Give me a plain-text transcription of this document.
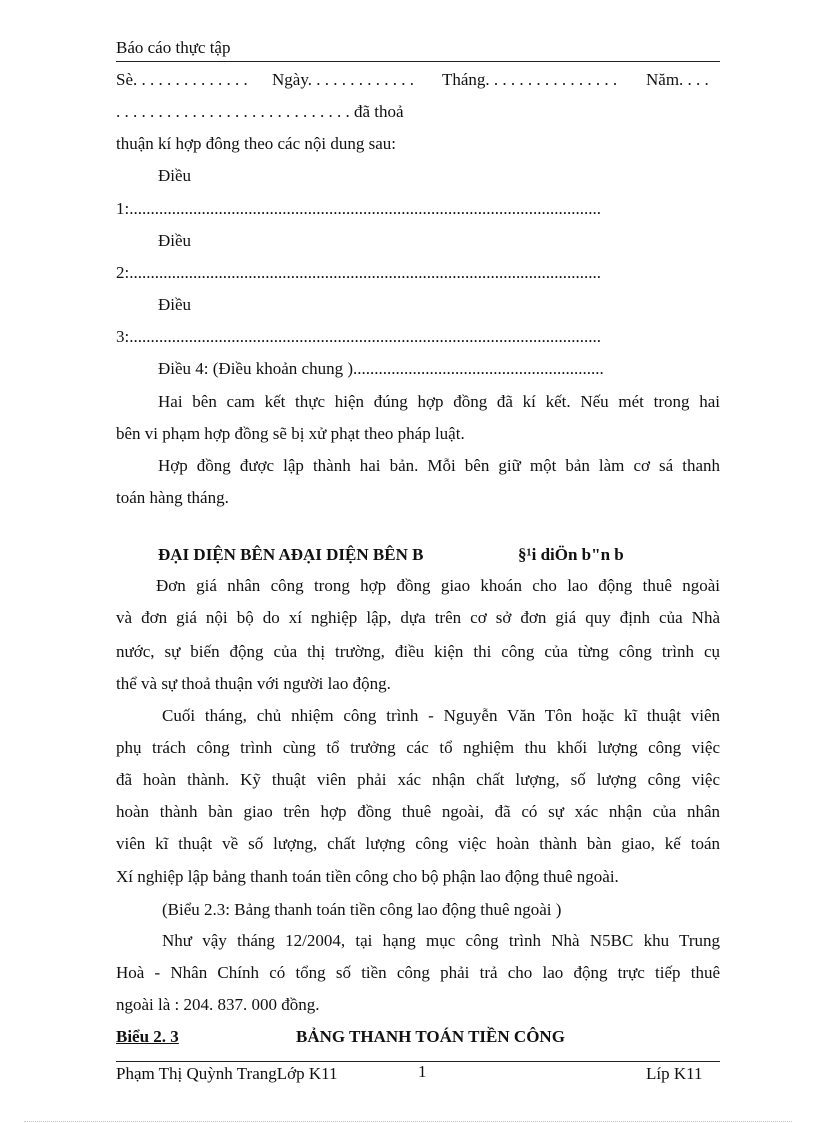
Báo cáo thực tập
Sè. . . . . . . . . . . . . . Ngày. . . . . . . . . . . . . Tháng. . . . . . . . . . . . . . . . Năm. . . .
. . . . . . . . . . . . . . . . . . . . . . . . . . . . đã thoả
thuận kí hợp đông theo các nội dung sau:
Điều
1:...............................................................................................................
Điều
2:...............................................................................................................
Điều
3:...............................................................................................................
Điều 4: (Điều khoản chung )...........................................................
Hai bên cam kết thực hiện đúng hợp đồng đã kí kết. Nếu mét trong hai
bên vi phạm hợp đồng sẽ bị xử phạt theo pháp luật.
Hợp đồng được lập thành hai bản. Mỗi bên giữ một bản làm cơ sá thanh
toán hàng tháng.
ĐẠI DIỆN BÊN AĐẠI DIỆN BÊN B	§¹i diÖn b"n b
Đơn giá nhân công trong hợp đồng giao khoán cho lao động thuê ngoài
và đơn giá nội bộ do xí nghiệp lập, dựa trên cơ sở đơn giá quy định của Nhà
nước, sự biến động của thị trường, điều kiện thi công của từng công trình cụ
thể và sự thoả thuận với người lao động.
Cuối tháng, chủ nhiệm công trình - Nguyễn Văn Tôn hoặc kĩ thuật viên
phụ trách công trình cùng tổ trưởng các tổ nghiệm thu khối lượng công việc
đã hoàn thành. Kỹ thuật viên phải xác nhận chất lượng, số lượng công việc
hoàn thành bàn giao trên hợp đồng thuê ngoài, đã có sự xác nhận của nhân
viên kĩ thuật về số lượng, chất lượng công việc hoàn thành bàn giao, kế toán
Xí nghiệp lập bảng thanh toán tiền công cho bộ phận lao động thuê ngoài.
(Biểu 2.3: Bảng thanh toán tiền công lao động thuê ngoài )
Như vậy tháng 12/2004, tại hạng mục công trình Nhà N5BC khu Trung
Hoà - Nhân Chính có tổng số tiền công phải trả cho lao động trực tiếp thuê
ngoài là : 204. 837. 000 đồng.
Biểu 2. 3	BẢNG THANH TOÁN TIỀN CÔNG
Phạm Thị Quỳnh TrangLớp K11	1	Líp K11
